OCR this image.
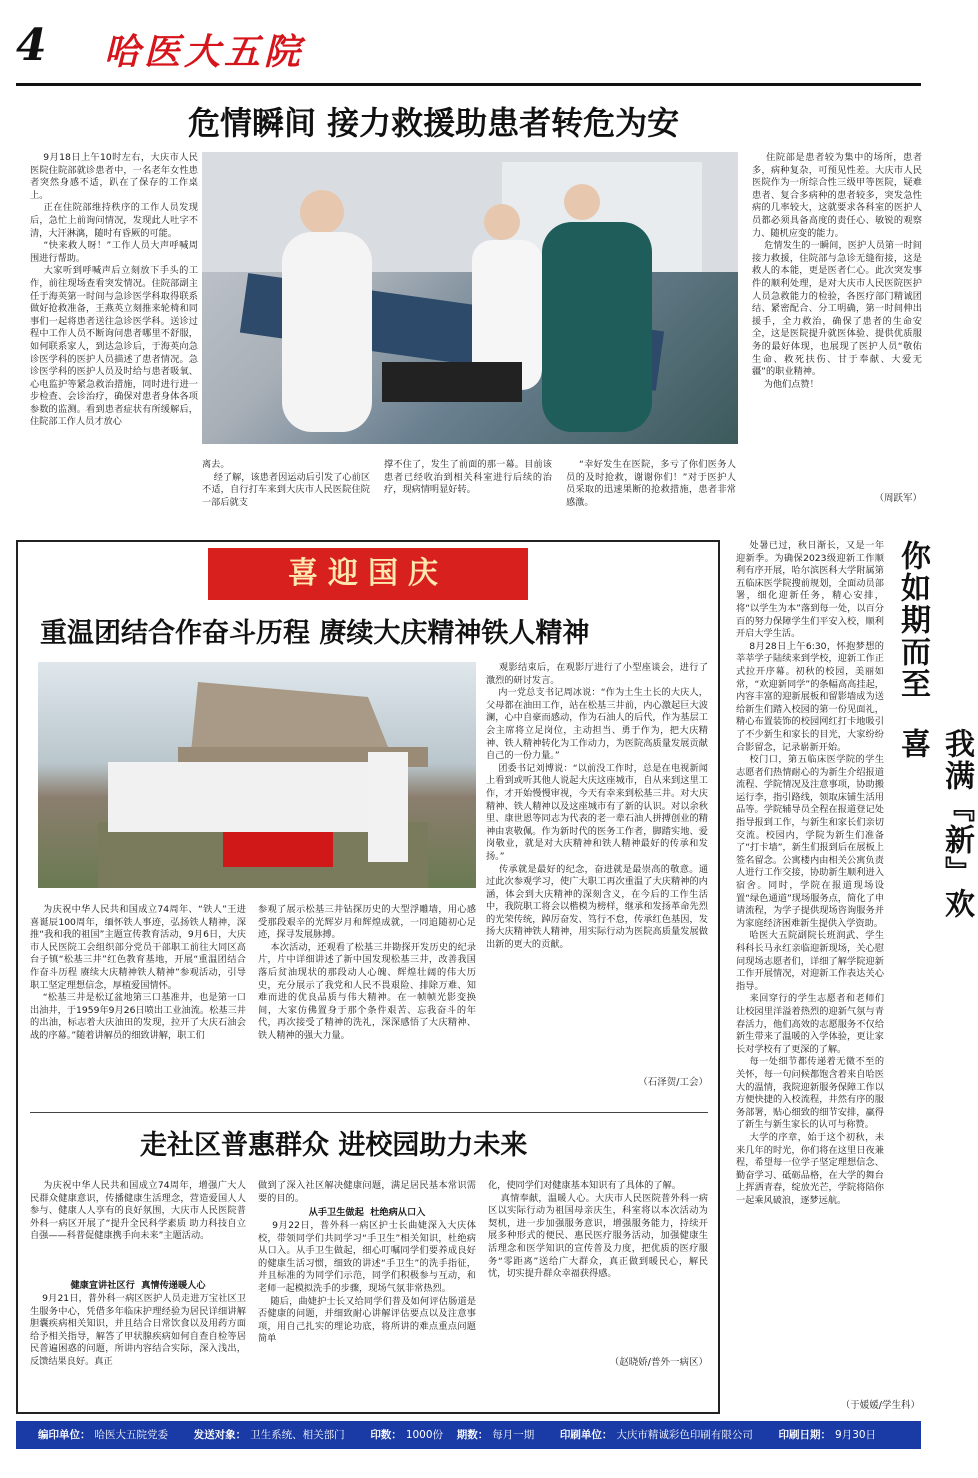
4	哈医大五院
危情瞬间 接力救援助患者转危为安
9月18日上午10时左右，大庆市人民医院住院部就诊患者中，一名老年女性患者突然身感不适，趴在了保存的工作桌上。
正在住院部维持秩序的工作人员发现后，急忙上前询问情况，发现此人吐字不清，大汗淋漓，随时有昏厥的可能。
“快来救人呀！”工作人员大声呼喊周围进行帮助。
大家听到呼喊声后立刻放下手头的工作，前往现场查看突发情况。住院部副主任于海英第一时间与急诊医学科取得联系做好抢救准备，王燕英立刻推来轮椅和同事们一起将患者送往急诊医学科。送诊过程中工作人员不断询问患者哪里不舒服，如何联系家人，到达急诊后，于海英向急诊医学科的医护人员描述了患者情况。急诊医学科的医护人员及时给与患者吸氧、心电监护等紧急救治措施，同时进行进一步检查、会诊治疗，确保对患者身体各项参数的监测。看到患者症状有所缓解后，住院部工作人员才放心
离去。
经了解，该患者因运动后引发了心前区不适，自行打车来到大庆市人民医院住院一部后就支
撑不住了，发生了前面的那一幕。目前该患者已经收治到相关科室进行后续的治疗，现病情明显好转。
“幸好发生在医院，多亏了你们医务人员的及时抢救，谢谢你们！”对于医护人员采取的迅速果断的抢救措施，患者非常感激。
住院部是患者较为集中的场所，患者多，病种复杂，可预见性差。大庆市人民医院作为一所综合性三级甲等医院，疑难患者、复合多病种的患者较多，突发急性病的几率较大，这就要求各科室的医护人员都必须具备高度的责任心、敏锐的观察力、随机应变的能力。
危情发生的一瞬间，医护人员第一时间接力救援，住院部与急诊无缝衔接，这是救人的本能，更是医者仁心。此次突发事件的顺利处理，是对大庆市人民医院医护人员急救能力的检验，各医疗部门精诚团结、紧密配合、分工明确，第一时间伸出援手，全力救治，确保了患者的生命安全，这是医院提升就医体验、提供优质服务的最好体现，也展现了医护人员“敬佑生命、救死扶伤、甘于奉献、大爱无疆”的职业精神。
为他们点赞！
（周跃军）
喜迎国庆
重温团结合作奋斗历程 赓续大庆精神铁人精神
观影结束后，在观影厅进行了小型座谈会，进行了激烈的研讨发言。
内一党总支书记周冰说：“作为土生土长的大庆人，父母都在油田工作，站在松基三井前，内心激起巨大波澜，心中自豪而感动，作为石油人的后代，作为基层工会主席将立足岗位，主动担当、勇于作为，把大庆精神、铁人精神转化为工作动力，为医院高质量发展贡献自己的一份力量。”
团委书记刘博说：“以前没工作时，总是在电视新闻上看到或听其他人说起大庆这座城市，自从来到这里工作，才开始慢慢审视，今天有幸来到松基三井。对大庆精神、铁人精神以及这座城市有了新的认识。对以余秋里、康世恩等同志为代表的老一辈石油人拼搏创业的精神由衷敬佩。作为新时代的医务工作者，脚踏实地、爱岗敬业，就是对大庆精神和铁人精神最好的传承和发扬。”
传承就是最好的纪念，奋进就是最崇高的敬意。通过此次参观学习，使广大职工再次重温了大庆精神的内涵，体会到大庆精神的深刻含义，在今后的工作生活中，我院职工将会以楷模为榜样，继承和发扬革命先烈的光荣传统，踔厉奋发、笃行不怠，传承红色基因，发扬大庆精神铁人精神，用实际行动为医院高质量发展做出新的更大的贡献。
为庆祝中华人民共和国成立74周年、“铁人”王进喜诞辰100周年，缅怀铁人事迹，弘扬铁人精神，深推“我和我的祖国”主题宣传教育活动，9月6日，大庆市人民医院工会组织部分党员干部职工前往大同区高台子镇“松基三井”红色教育基地，开展“重温团结合作奋斗历程 赓续大庆精神铁人精神”参观活动，引导职工坚定理想信念，厚植爱国情怀。
“松基三井是松辽盆地第三口基准井，也是第一口出油井，于1959年9月26日喷出工业油流。松基三井的出油，标志着大庆油田的发现，拉开了大庆石油会战的序幕。”随着讲解员的细致讲解，职工们
参观了展示松基三井钻探历史的大型浮雕墙，用心感受那段艰辛的光辉岁月和辉煌成就，一同追随初心足迹，探寻发展脉搏。
本次活动，还观看了松基三井勘探开发历史的纪录片，片中详细讲述了新中国发现松基三井，改善我国落后贫油现状的那段动人心魄、辉煌壮阔的伟大历史，充分展示了我党和人民不畏艰险、排除万难、知难而进的优良品质与伟大精神。在一帧帧光影变换间，大家仿佛置身于那个条件艰苦、忘我奋斗的年代，再次接受了精神的洗礼，深深感悟了大庆精神、铁人精神的强大力量。
（石泽贺/工会）
走社区普惠群众 进校园助力未来
为庆祝中华人民共和国成立74周年，增强广大人民群众健康意识，传播健康生活理念，营造爱国人人参与、健康人人享有的良好氛围，大庆市人民医院普外科一病区开展了“提升全民科学素质 助力科技自立自强——科普促健康携手向未来”主题活动。
健康宣讲社区行  真情传递暖人心
9月21日，普外科一病区医护人员走进万宝社区卫生服务中心，凭借多年临床护理经验为居民详细讲解胆囊疾病相关知识，并且结合日常饮食以及用药方面给予相关指导，解答了甲状腺疾病如何自查自检等居民普遍困惑的问题，所讲内容结合实际，深入浅出，反馈结果良好。真正
做到了深入社区解决健康问题，满足居民基本常识需要的目的。
从手卫生做起  杜绝病从口入
9月22日，普外科一病区护士长曲婕深入大庆体校，带领同学们共同学习“手卫生”相关知识，杜绝病从口入。从手卫生做起，细心叮嘱同学们要养成良好的健康生活习惯，细致的讲述“手卫生”的洗手指征，并且标准的为同学们示范，同学们积极参与互动，和老师一起模拟洗手的步骤，现场气氛非常热烈。
随后，曲婕护士长又给同学们普及如何评估肠道是否健康的问题，并细致耐心讲解评估要点以及注意事项，用自己扎实的理论功底，将所讲的难点重点问题简单
化，使同学们对健康基本知识有了具体的了解。
真情奉献，温暖人心。大庆市人民医院普外科一病区以实际行动为祖国母亲庆生，科室将以本次活动为契机，进一步加强服务意识，增强服务能力，持续开展多种形式的便民、惠民医疗服务活动，加强健康生活理念和医学知识的宣传普及力度，把优质的医疗服务“零距离”送给广大群众，真正做到暖民心，解民忧，切实提升群众幸福获得感。
（赵晓娇/普外一病区）
处暑已过，秋日渐长，又是一年迎新季。为确保2023级迎新工作顺利有序开展，哈尔滨医科大学附属第五临床医学院搜前规划，全面动员部署，细化迎新任务，精心安排，将“以学生为本”落到每一处，以百分百的努力保障学生们平安入校，顺利开启大学生活。
8月28日上午6:30，怀抱梦想的莘莘学子陆续来到学校，迎新工作正式拉开序幕。初秋的校园，美丽如常，“欢迎新同学”的条幅高高挂起，内容丰富的迎新展板和留影墙成为送给新生们踏入校园的第一份见面礼，精心布置装饰的校园网红打卡地吸引了不少新生和家长的目光，大家纷纷合影留念，记录崭新开始。
校门口，第五临床医学院的学生志愿者们热情耐心的为新生介绍报道流程、学院情况及注意事项，协助搬运行李，指引路线，领取床铺生活用品等。学院辅导员全程在报道登记处指导报到工作，与新生和家长们亲切交流。校园内，学院为新生们准备了“打卡墙”，新生们报到后在展板上签名留念。公寓楼内由相关公寓负责人进行工作交接，协助新生顺利进入宿舍。同时，学院在报道现场设置“绿色通道”现场服务点，简化了申请流程，为学子提供现场咨询服务并为家庭经济困难新生提供入学资助。
哈医大五院副院长班润武、学生科科长马永红亲临迎新现场，关心慰问现场志愿者们，详细了解学院迎新工作开展情况，对迎新工作表达关心指导。
来回穿行的学生志愿者和老师们让校园里洋溢着热烈的迎新气氛与青春活力，他们高效的志愿服务不仅给新生带来了温暖的入学体验，更让家长对学校有了更深的了解。
每一处细节都传递着无微不至的关怀，每一句问候都饱含着来自哈医大的温情，我院迎新服务保障工作以方便快捷的入校流程，井然有序的服务部署，贴心细致的细节安排，赢得了新生与新生家长的认可与称赞。
大学的序章，始于这个初秋，未来几年的时光，你们将在这里日夜兼程，希望每一位学子坚定理想信念、勤奋学习、砥砺品格，在大学的舞台上挥洒青春，绽放光芒，学院将陪你一起乘风破浪，逐梦远航。
你如期而至
我满『新』欢喜
（于媛媛/学生科）
编印单位： 哈医大五院党委 发送对象： 卫生系统、相关部门 印数： 1000份 期数： 每月一期 印刷单位： 大庆市精诚彩色印刷有限公司 印刷日期： 9月30日
